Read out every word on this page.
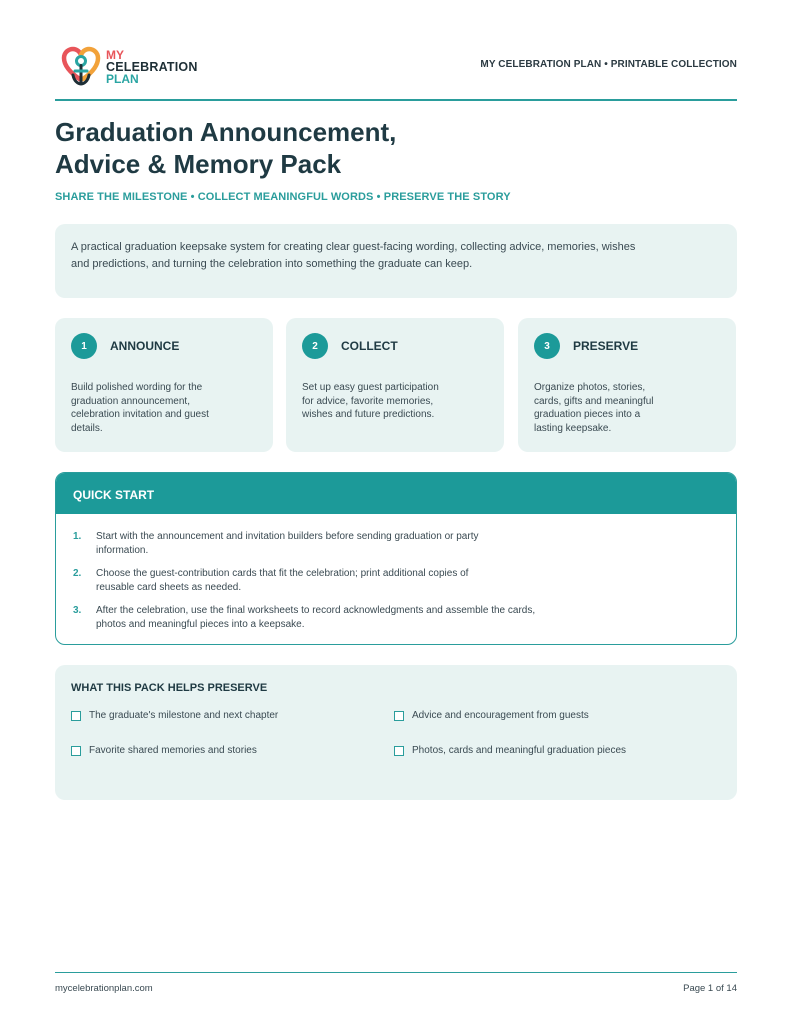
MY
CELEBRATION
PLAN
MY CELEBRATION PLAN • PRINTABLE COLLECTION
Graduation Announcement,
Advice & Memory Pack
SHARE THE MILESTONE • COLLECT MEANINGFUL WORDS • PRESERVE THE STORY
A practical graduation keepsake system for creating clear guest-facing wording, collecting advice, memories, wishes and predictions, and turning the celebration into something the graduate can keep.
1	ANNOUNCE
Build polished wording for the graduation announcement, celebration invitation and guest details.
2	COLLECT
Set up easy guest participation for advice, favorite memories, wishes and future predictions.
3	PRESERVE
Organize photos, stories, cards, gifts and meaningful graduation pieces into a lasting keepsake.
QUICK START
1.	Start with the announcement and invitation builders before sending graduation or party information.
2.	Choose the guest-contribution cards that fit the celebration; print additional copies of reusable card sheets as needed.
3.	After the celebration, use the final worksheets to record acknowledgments and assemble the cards, photos and meaningful pieces into a keepsake.
WHAT THIS PACK HELPS PRESERVE
The graduate's milestone and next chapter	Advice and encouragement from guests
Favorite shared memories and stories	Photos, cards and meaningful graduation pieces
mycelebrationplan.com	Page 1 of 14
